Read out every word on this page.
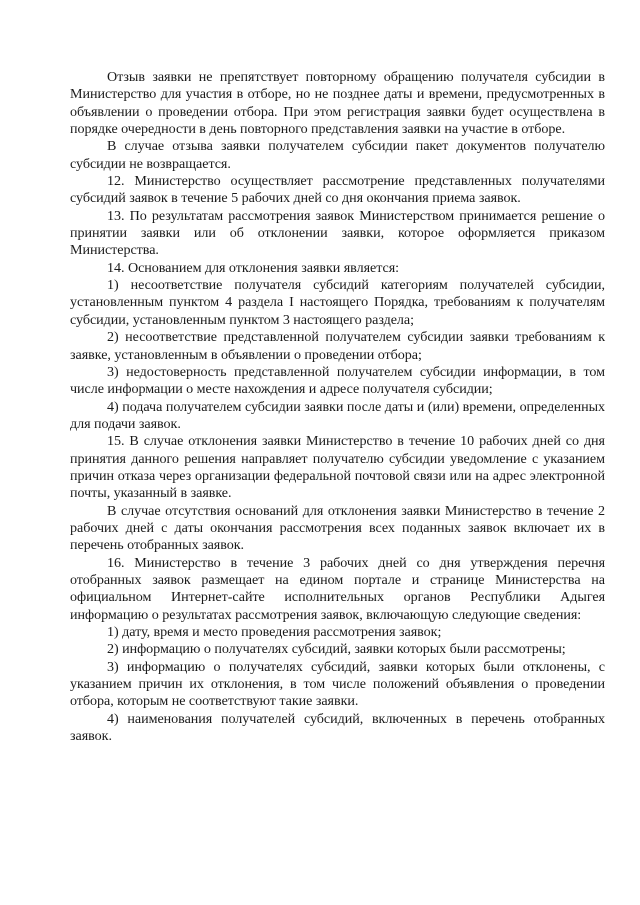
Отзыв заявки не препятствует повторному обращению получателя субсидии в Министерство для участия в отборе, но не позднее даты и времени, предусмотренных в объявлении о проведении отбора. При этом регистрация заявки будет осуществлена в порядке очередности в день повторного представления заявки на участие в отборе.

В случае отзыва заявки получателем субсидии пакет документов получателю субсидии не возвращается.

12. Министерство осуществляет рассмотрение представленных получателями субсидий заявок в течение 5 рабочих дней со дня окончания приема заявок.

13. По результатам рассмотрения заявок Министерством принимается решение о принятии заявки или об отклонении заявки, которое оформляется приказом Министерства.

14. Основанием для отклонения заявки является:

1) несоответствие получателя субсидий категориям получателей субсидии, установленным пунктом 4 раздела I настоящего Порядка, требованиям к получателям субсидии, установленным пунктом 3 настоящего раздела;

2) несоответствие представленной получателем субсидии заявки требованиям к заявке, установленным в объявлении о проведении отбора;

3) недостоверность представленной получателем субсидии информации, в том числе информации о месте нахождения и адресе получателя субсидии;

4) подача получателем субсидии заявки после даты и (или) времени, определенных для подачи заявок.

15. В случае отклонения заявки Министерство в течение 10 рабочих дней со дня принятия данного решения направляет получателю субсидии уведомление с указанием причин отказа через организации федеральной почтовой связи или на адрес электронной почты, указанный в заявке.

В случае отсутствия оснований для отклонения заявки Министерство в течение 2 рабочих дней с даты окончания рассмотрения всех поданных заявок включает их в перечень отобранных заявок.

16. Министерство в течение 3 рабочих дней со дня утверждения перечня отобранных заявок размещает на едином портале и странице Министерства на официальном Интернет-сайте исполнительных органов Республики Адыгея информацию о результатах рассмотрения заявок, включающую следующие сведения:

1) дату, время и место проведения рассмотрения заявок;

2) информацию о получателях субсидий, заявки которых были рассмотрены;

3) информацию о получателях субсидий, заявки которых были отклонены, с указанием причин их отклонения, в том числе положений объявления о проведении отбора, которым не соответствуют такие заявки.

4) наименования получателей субсидий, включенных в перечень отобранных заявок.
